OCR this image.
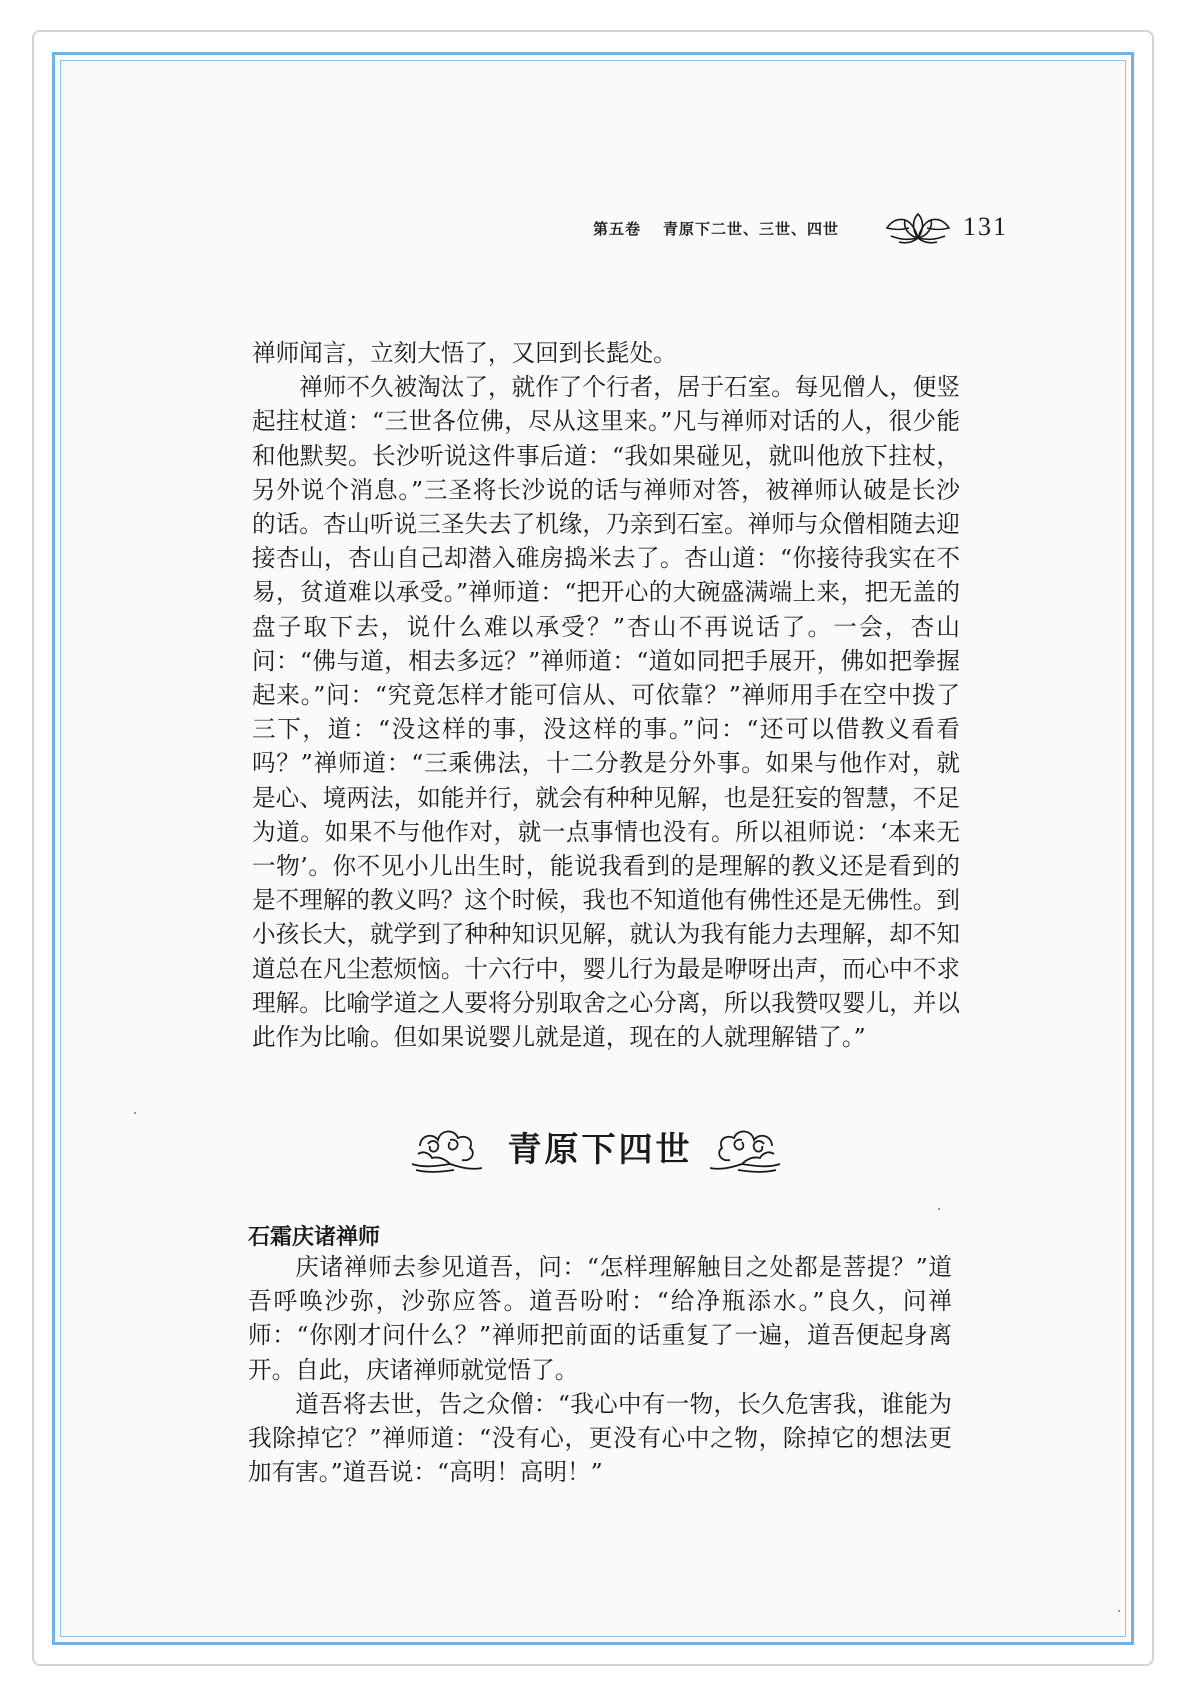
第五卷 青原下二世、三世、四世	131

禅师闻言，立刻大悟了，又回到长髭处。

禅师不久被淘汰了，就作了个行者，居于石室。每见僧人，便竖起拄杖道：“三世各位佛，尽从这里来。”凡与禅师对话的人，很少能和他默契。长沙听说这件事后道：“我如果碰见，就叫他放下拄杖，另外说个消息。”三圣将长沙说的话与禅师对答，被禅师认破是长沙的话。杏山听说三圣失去了机缘，乃亲到石室。禅师与众僧相随去迎接杏山，杏山自己却潜入碓房捣米去了。杏山道：“你接待我实在不易，贫道难以承受。”禅师道：“把开心的大碗盛满端上来，把无盖的盘子取下去，说什么难以承受？”杏山不再说话了。一会，杏山问：“佛与道，相去多远？”禅师道：“道如同把手展开，佛如把拳握起来。”问：“究竟怎样才能可信从、可依靠？”禅师用手在空中拨了三下，道：“没这样的事，没这样的事。”问：“还可以借教义看看吗？”禅师道：“三乘佛法，十二分教是分外事。如果与他作对，就是心、境两法，如能并行，就会有种种见解，也是狂妄的智慧，不足为道。如果不与他作对，就一点事情也没有。所以祖师说：‘本来无一物’。你不见小儿出生时，能说我看到的是理解的教义还是看到的是不理解的教义吗？这个时候，我也不知道他有佛性还是无佛性。到小孩长大，就学到了种种知识见解，就认为我有能力去理解，却不知道总在凡尘惹烦恼。十六行中，婴儿行为最是咿呀出声，而心中不求理解。比喻学道之人要将分别取舍之心分离，所以我赞叹婴儿，并以此作为比喻。但如果说婴儿就是道，现在的人就理解错了。”

青原下四世
石霜庆诸禅师

庆诸禅师去参见道吾，问：“怎样理解触目之处都是菩提？”道吾呼唤沙弥，沙弥应答。道吾吩咐：“给净瓶添水。”良久，问禅师：“你刚才问什么？”禅师把前面的话重复了一遍，道吾便起身离开。自此，庆诸禅师就觉悟了。

道吾将去世，告之众僧：“我心中有一物，长久危害我，谁能为我除掉它？”禅师道：“没有心，更没有心中之物，除掉它的想法更加有害。”道吾说：“高明！高明！”
